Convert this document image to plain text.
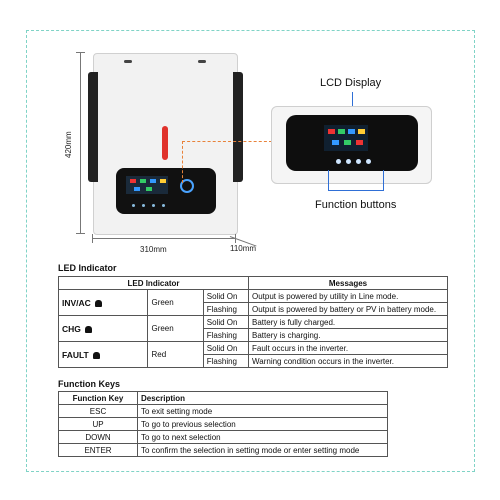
420mm
310mm	110mm
LCD Display
Function buttons
LED Indicator
LED Indicator			Messages
INV/AC	Green	Solid On	Output is powered by utility in Line mode.
		Flashing	Output is powered by battery or PV in battery mode.
CHG	Green	Solid On	Battery is fully charged.
		Flashing	Battery is charging.
FAULT	Red	Solid On	Fault occurs in the inverter.
		Flashing	Warning condition occurs in the inverter.
Function Keys
Function Key	Description
ESC	To exit setting mode
UP	To go to previous selection
DOWN	To go to next selection
ENTER	To confirm the selection in setting mode or enter setting mode
